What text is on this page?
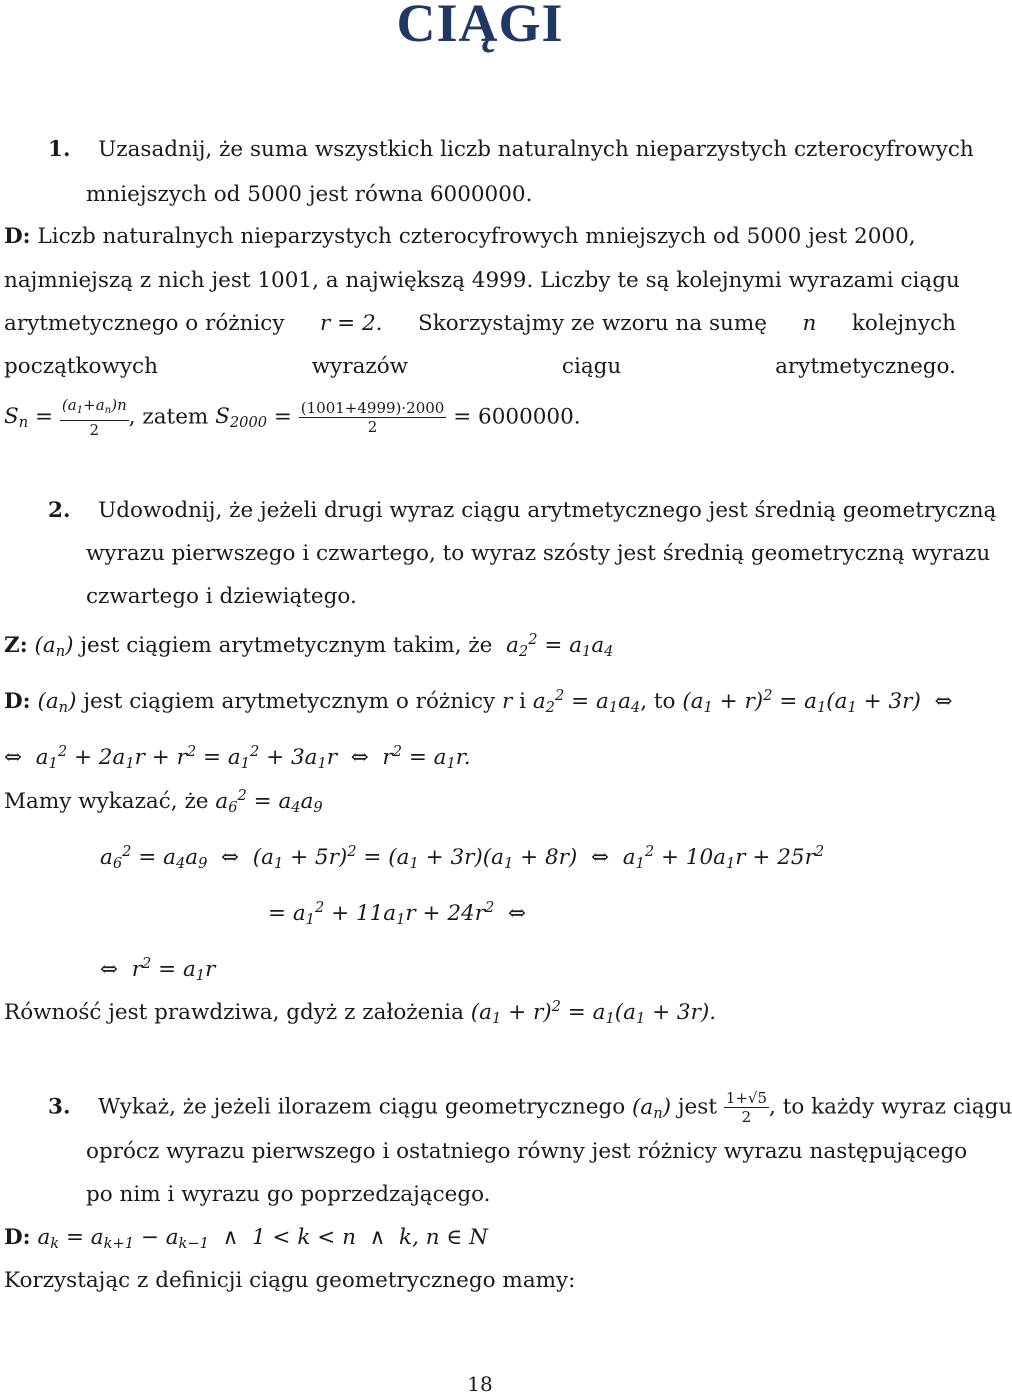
CIĄGI
1. Uzasadnij, że suma wszystkich liczb naturalnych nieparzystych czterocyfrowych
mniejszych od 5000 jest równa 6000000.
D: Liczb naturalnych nieparzystych czterocyfrowych mniejszych od 5000 jest 2000,
najmniejszą z nich jest 1001, a największą 4999. Liczby te są kolejnymi wyrazami ciągu
arytmetycznego o różnicy r = 2. Skorzystajmy ze wzoru na sumę n kolejnych
początkowych	wyrazów	ciągu	arytmetycznego.
$S_n = \frac{(a_1+a_n)n}{2}$ , zatem $S_{2000} = \frac{(1001+4999)\cdot 2000}{2} = 6000000$.
2. Udowodnij, że jeżeli drugi wyraz ciągu arytmetycznego jest średnią geometryczną
wyrazu pierwszego i czwartego, to wyraz szósty jest średnią geometryczną wyrazu
czwartego i dziewiątego.
Z: $(a_n)$ jest ciągiem arytmetycznym takim, że  $a_2^2 = a_1a_4$
D: $(a_n)$ jest ciągiem arytmetycznym o różnicy r i $a_2^2 = a_1a_4$, to $(a_1 + r)^2 = a_1(a_1 + 3r)$  ⇔
⇔  $a_1^2 + 2a_1r + r^2 = a_1^2 + 3a_1r$  ⇔  $r^2 = a_1r$.
Mamy wykazać, że $a_6^2 = a_4a_9$
$a_6^2 = a_4a_9$  ⇔  $(a_1 + 5r)^2 = (a_1 + 3r)(a_1 + 8r)$  ⇔  $a_1^2 + 10a_1r + 25r^2$
= $a_1^2 + 11a_1r + 24r^2$  ⇔
⇔  $r^2 = a_1r$
Równość jest prawdziwa, gdyż z założenia $(a_1 + r)^2 = a_1(a_1 + 3r)$.
3. Wykaż, że jeżeli ilorazem ciągu geometrycznego $(a_n)$ jest $\frac{1+√5}{2}$ , to każdy wyraz ciągu
oprócz wyrazu pierwszego i ostatniego równy jest różnicy wyrazu następującego
po nim i wyrazu go poprzedzającego.
D: $a_k = a_{k+1} - a_{k-1}$  ∧  1 < k < n  ∧  k, n ∈ N
Korzystając z definicji ciągu geometrycznego mamy:
18
